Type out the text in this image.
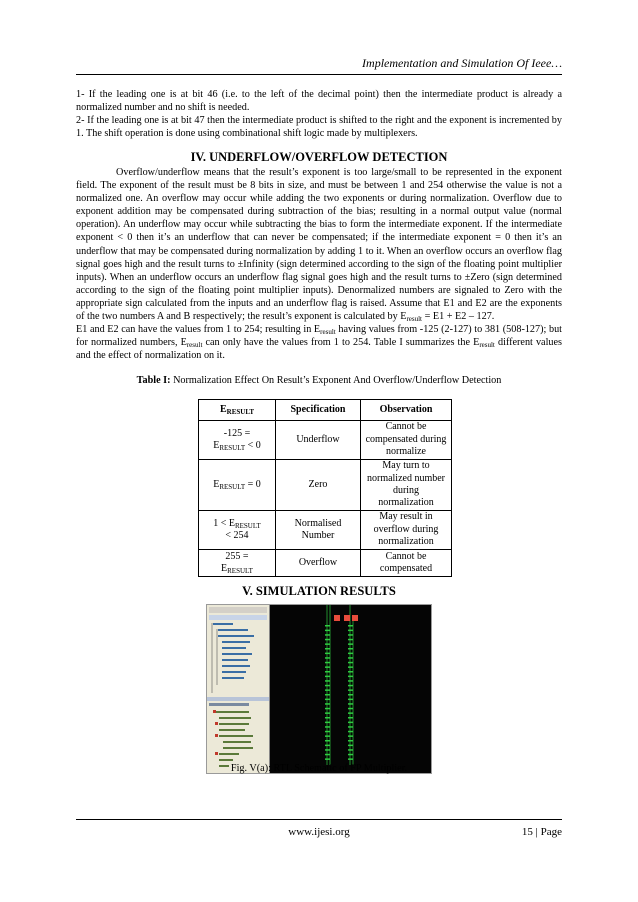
Implementation and Simulation Of Ieee…

1- If the leading one is at bit 46 (i.e. to the left of the decimal point) then the intermediate product is already a normalized number and no shift is needed.

2- If the leading one is at bit 47 then the intermediate product is shifted to the right and the exponent is incremented by 1. The shift operation is done using combinational shift logic made by multiplexers.

IV. UNDERFLOW/OVERFLOW DETECTION

Overflow/underflow means that the result’s exponent is too large/small to be represented in the exponent field. The exponent of the result must be 8 bits in size, and must be between 1 and 254 otherwise the value is not a normalized one. An overflow may occur while adding the two exponents or during normalization. Overflow due to exponent addition may be compensated during subtraction of the bias; resulting in a normal output value (normal operation). An underflow may occur while subtracting the bias to form the intermediate exponent. If the intermediate exponent < 0 then it’s an underflow that can never be compensated; if the intermediate exponent = 0 then it’s an underflow that may be compensated during normalization by adding 1 to it. When an overflow occurs an overflow flag signal goes high and the result turns to ±Infinity (sign determined according to the sign of the floating point multiplier inputs). When an underflow occurs an underflow flag signal goes high and the result turns to ±Zero (sign determined according to the sign of the floating point multiplier inputs). Denormalized numbers are signaled to Zero with the appropriate sign calculated from the inputs and an underflow flag is raised. Assume that E1 and E2 are the exponents of the two numbers A and B respectively; the result’s exponent is calculated by $E_{result} = E1 + E2 - 127$.

E1 and E2 can have the values from 1 to 254; resulting in $E_{result}$ having values from -125 (2-127) to 381 (508-127); but for normalized numbers, $E_{result}$ can only have the values from 1 to 254. Table I summarizes the $E_{result}$ different values and the effect of normalization on it.

Table I: Normalization Effect On Result’s Exponent And Overflow/Underflow Detection
$E_{RESULT}$	Specification	Observation
-125 =
$E_{RESULT} < 0$	Underflow	Cannot be compensated during normalize
$E_{RESULT} = 0$	Zero	May turn to normalized number during normalization
$1 < E_{RESULT}$
< 254	Normalised Number	May result in overflow during normalization
255 =
$E_{RESULT}$	Overflow	Cannot be compensated
V. SIMULATION RESULTS
Fig. V(a): RTL Schematic of FP Multiplier.
www.ijesi.org	15 | Page
